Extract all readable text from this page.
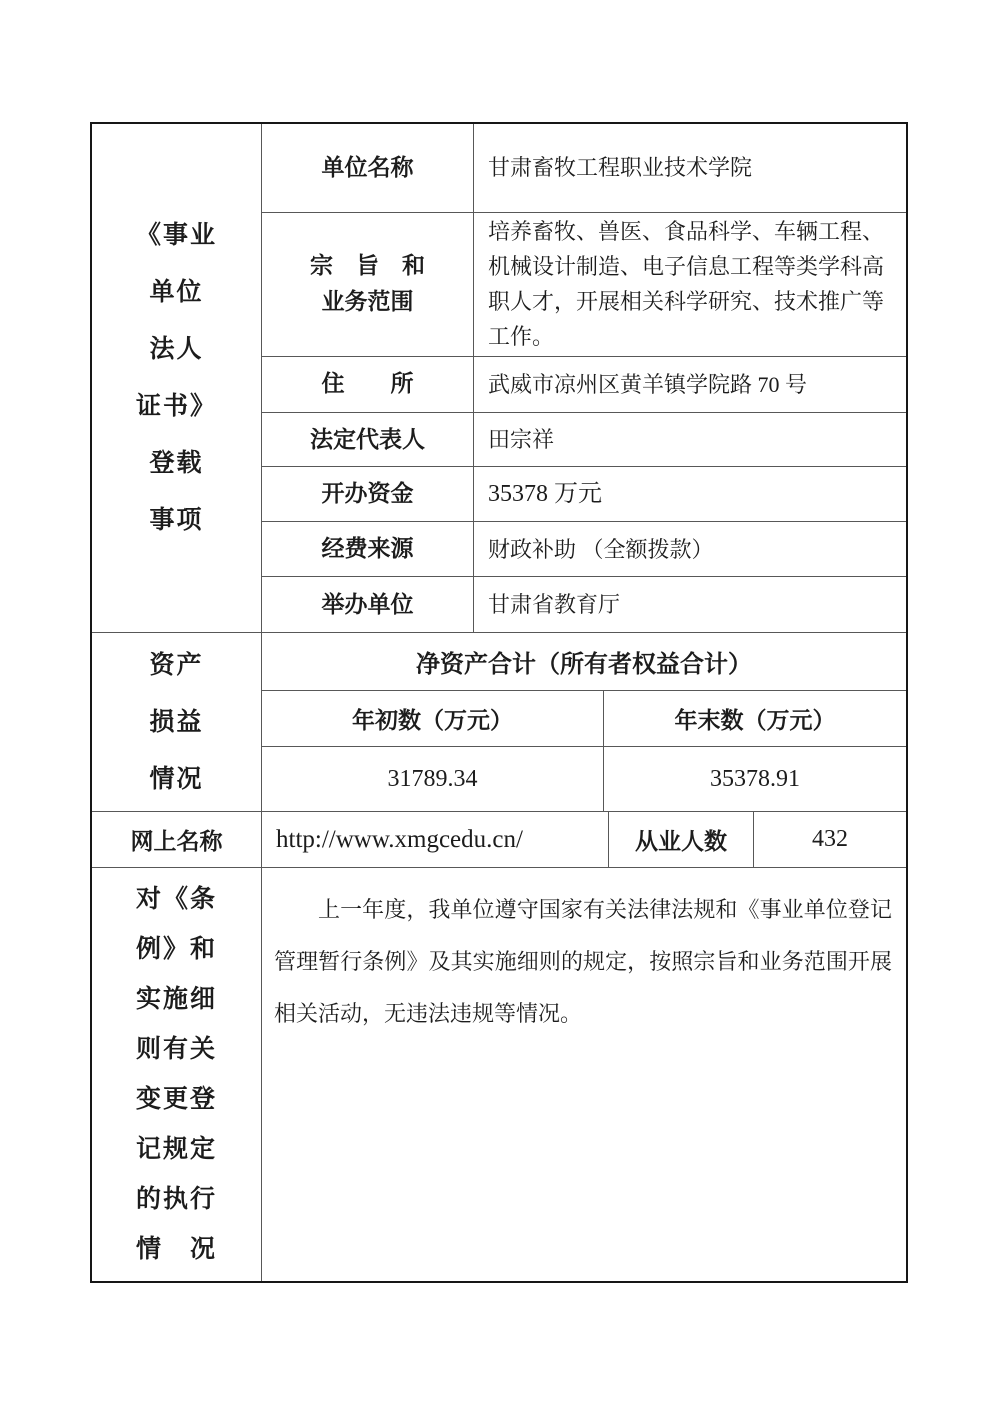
《事业
单位
法人
证书》
登载
事项
单位名称	甘肃畜牧工程职业技术学院
宗　旨　和
业务范围
培养畜牧、兽医、食品科学、车辆工程、机械设计制造、电子信息工程等类学科高职人才，开展相关科学研究、技术推广等工作。
住　　所	武威市凉州区黄羊镇学院路 70 号
法定代表人	田宗祥
开办资金	35378 万元
经费来源	财政补助 （全额拨款）
举办单位	甘肃省教育厅
资产
损益
情况
净资产合计（所有者权益合计）
年初数（万元）	年末数（万元）
31789.34	35378.91
网上名称	http://www.xmgcedu.cn/	从业人数	432
对《条
例》和
实施细
则有关
变更登
记规定
的执行
情　况
上一年度，我单位遵守国家有关法律法规和《事业单位登记管理暂行条例》及其实施细则的规定，按照宗旨和业务范围开展相关活动，无违法违规等情况。
